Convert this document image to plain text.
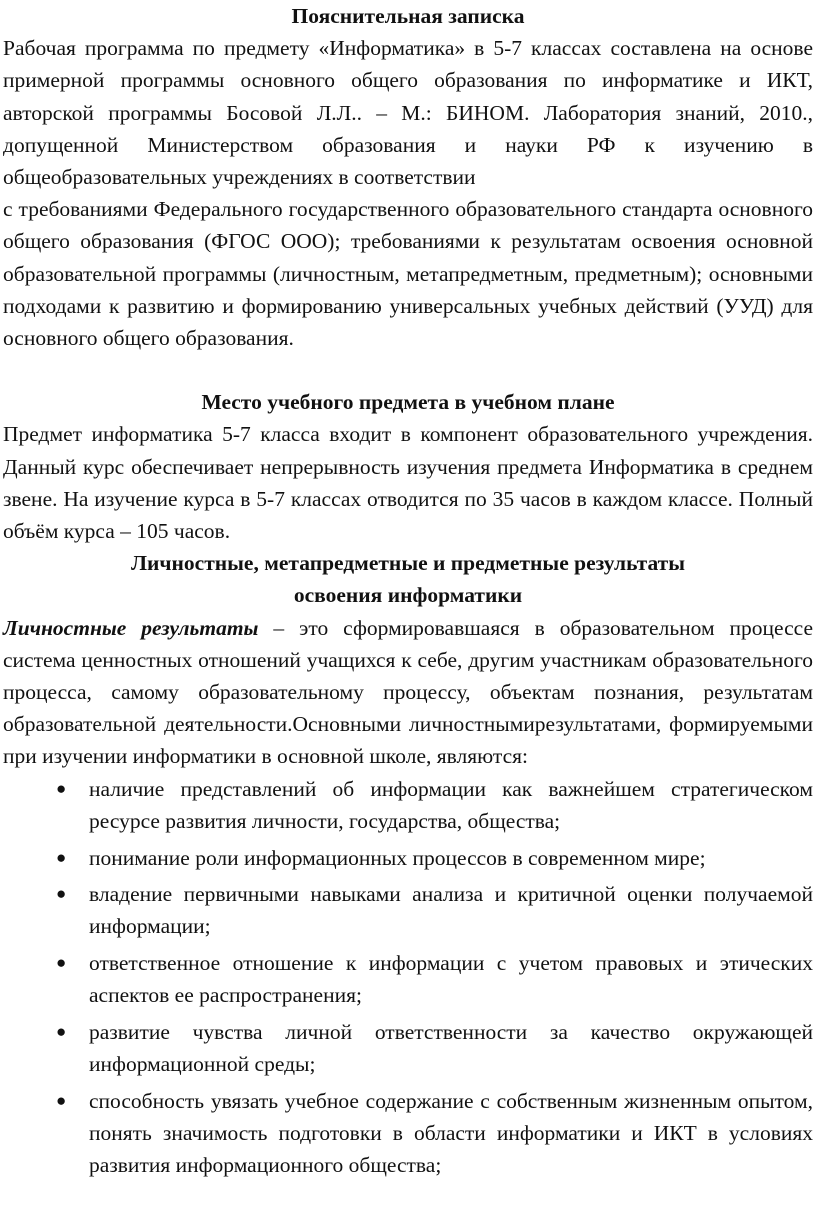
Пояснительная записка

Рабочая программа по предмету «Информатика» в 5-7 классах составлена на основе примерной программы основного общего образования по информатике и ИКТ, авторской программы Босовой Л.Л.. – М.: БИНОМ. Лаборатория знаний, 2010., допущенной Министерством образования и науки РФ к изучению в общеобразовательных учреждениях в соответствии

с требованиями Федерального государственного образовательного стандарта основного общего образования (ФГОС ООО); требованиями к результатам освоения основной образовательной программы (личностным, метапредметным, предметным); основными подходами к развитию и формированию универсальных учебных действий (УУД) для основного общего образования.

Место учебного предмета в учебном плане

Предмет информатика 5-7 класса входит в компонент образовательного учреждения. Данный курс обеспечивает непрерывность изучения предмета Информатика в среднем звене. На изучение курса в 5-7 классах отводится по 35 часов в каждом классе. Полный объём курса – 105 часов.

Личностные, метапредметные и предметные результаты

освоения информатики

Личностные результаты – это сформировавшаяся в образовательном процессе система ценностных отношений учащихся к себе, другим участникам образовательного процесса, самому образовательному процессу, объектам познания, результатам образовательной деятельности.Основными личностнымирезультатами, формируемыми при изучении информатики в основной школе, являются:

● наличие представлений об информации как важнейшем стратегическом ресурсе развития личности, государства, общества;
● понимание роли информационных процессов в современном мире;
● владение первичными навыками анализа и критичной оценки получаемой информации;
● ответственное отношение к информации с учетом правовых и этических аспектов ее распространения;
● развитие чувства личной ответственности за качество окружающей информационной среды;
● способность увязать учебное содержание с собственным жизненным опытом, понять значимость подготовки в области информатики и ИКТ в условиях развития информационного общества;
